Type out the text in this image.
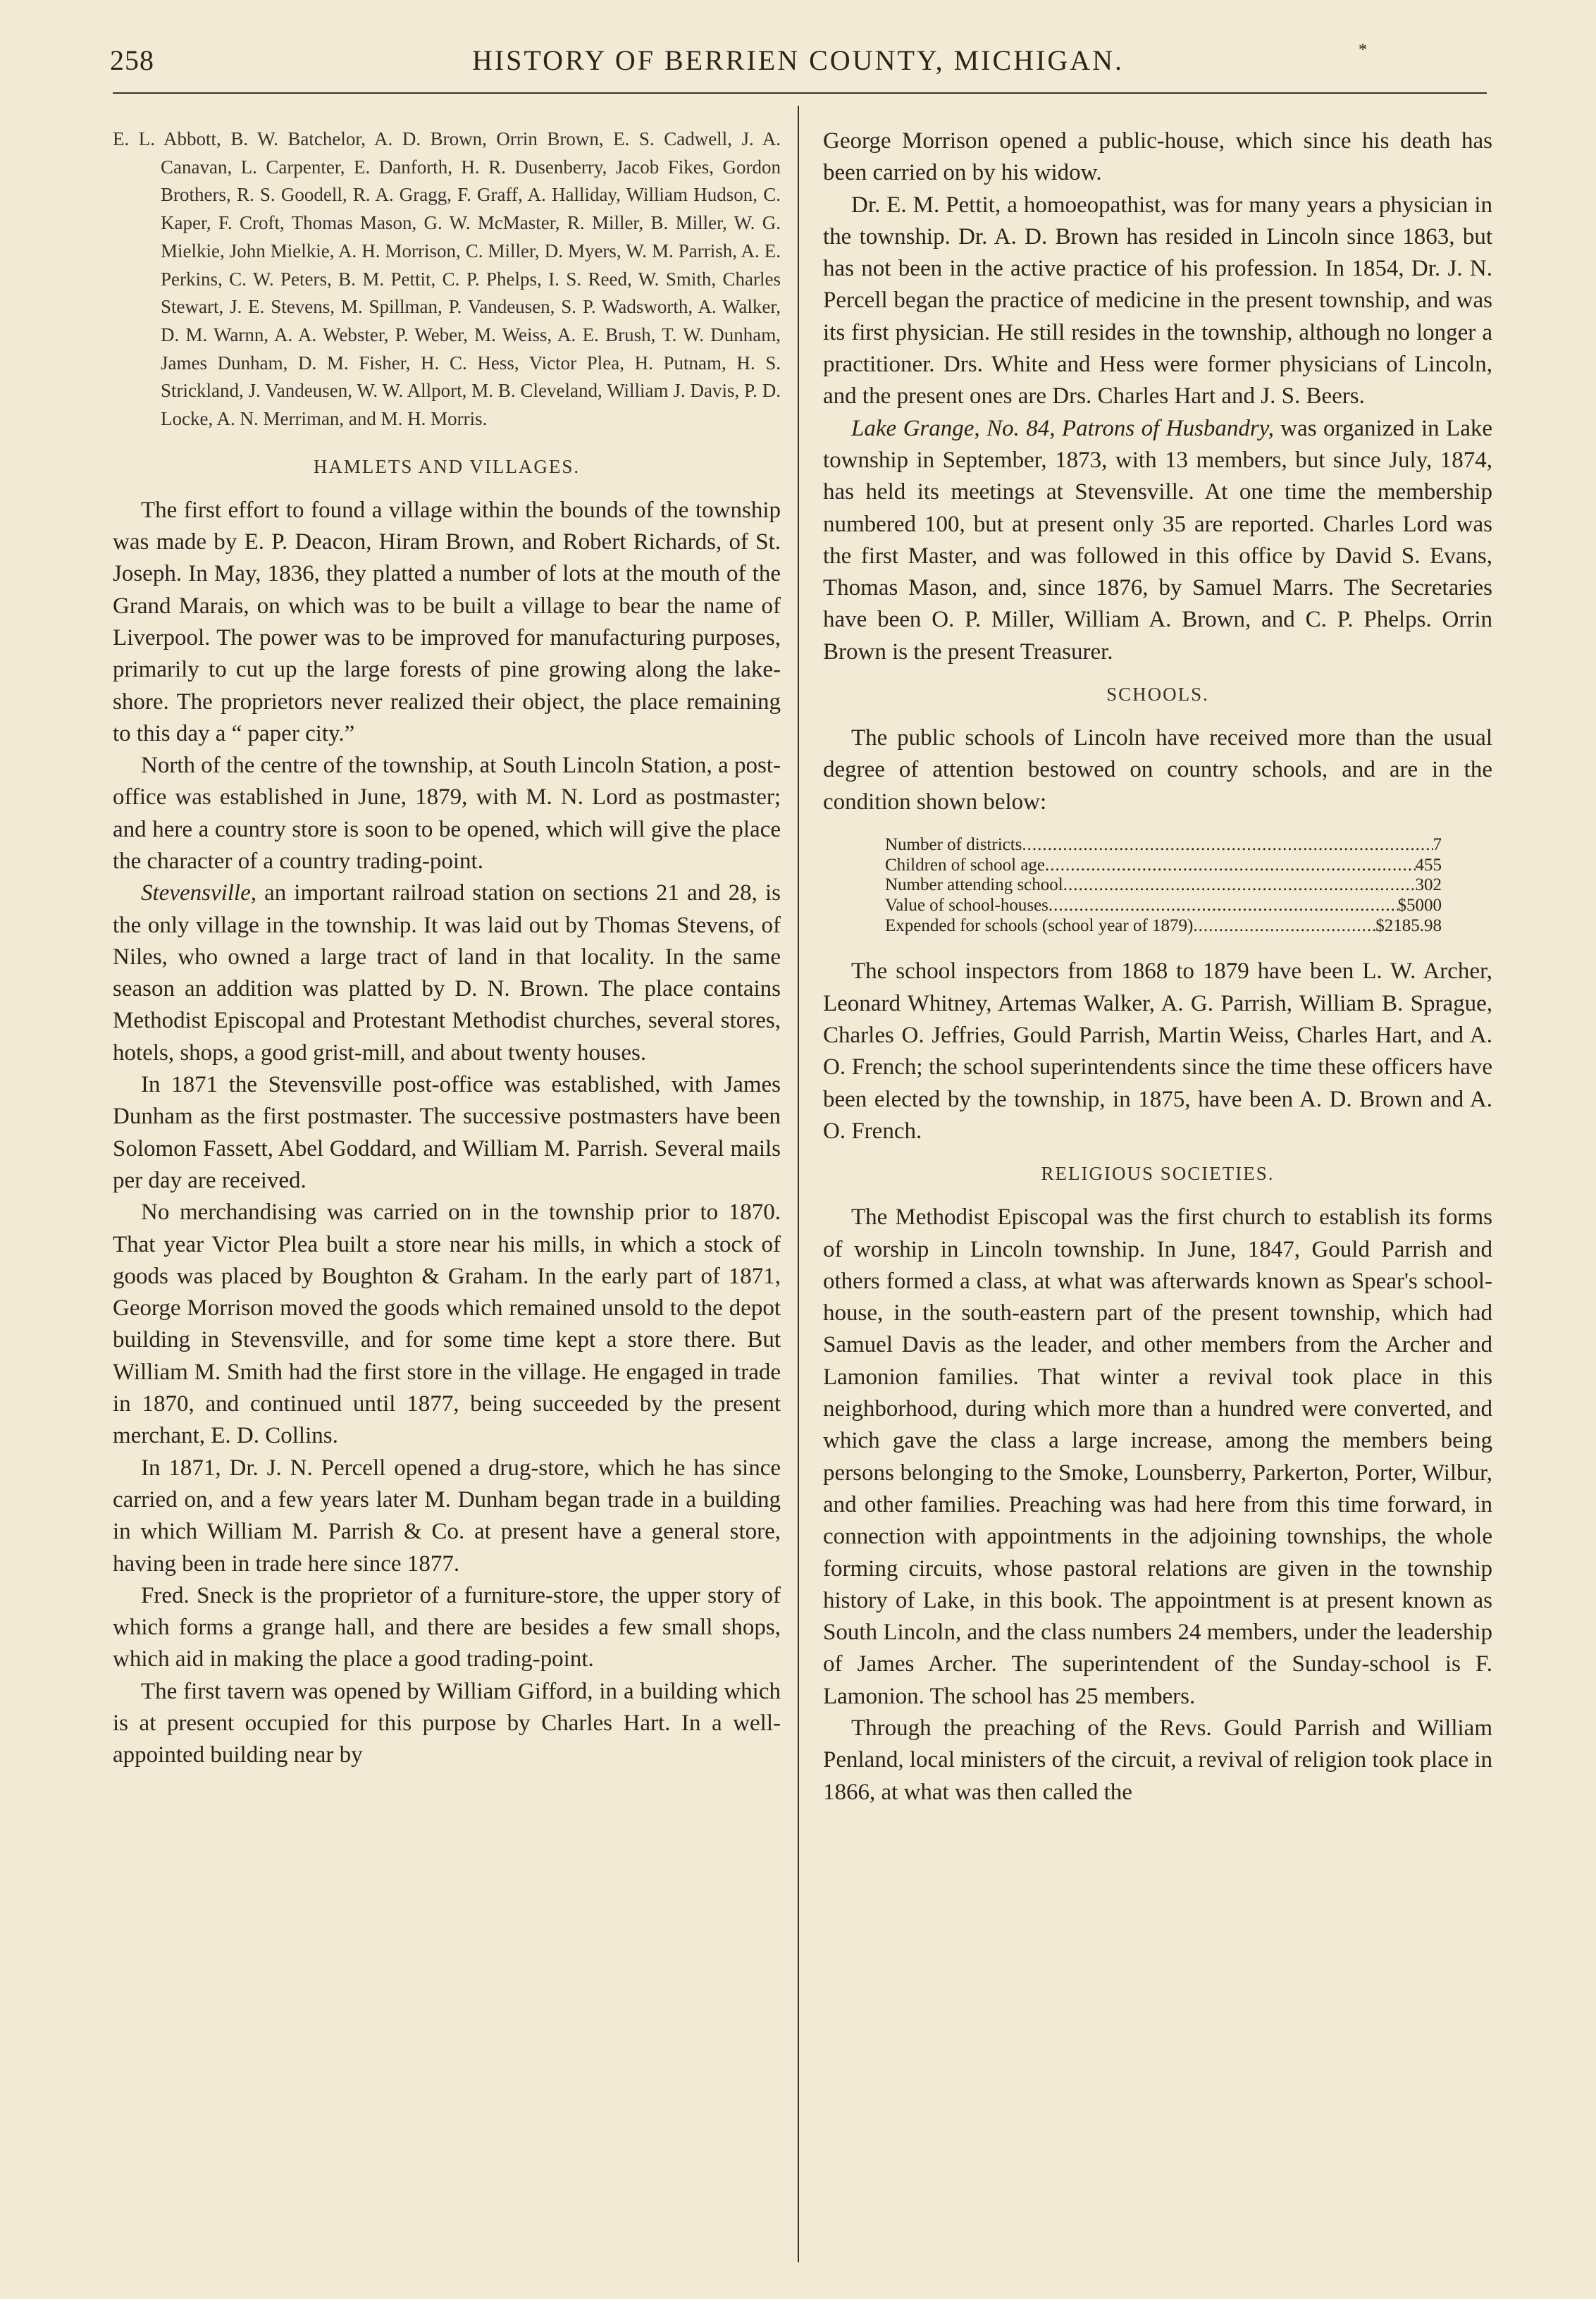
258	HISTORY OF BERRIEN COUNTY, MICHIGAN.	*

E. L. Abbott, B. W. Batchelor, A. D. Brown, Orrin Brown, E. S. Cadwell, J. A. Canavan, L. Carpenter, E. Danforth, H. R. Dusenberry, Jacob Fikes, Gordon Brothers, R. S. Goodell, R. A. Gragg, F. Graff, A. Halliday, William Hudson, C. Kaper, F. Croft, Thomas Mason, G. W. McMaster, R. Miller, B. Miller, W. G. Mielkie, John Mielkie, A. H. Morrison, C. Miller, D. Myers, W. M. Parrish, A. E. Perkins, C. W. Peters, B. M. Pettit, C. P. Phelps, I. S. Reed, W. Smith, Charles Stewart, J. E. Stevens, M. Spillman, P. Vandeusen, S. P. Wadsworth, A. Walker, D. M. Warnn, A. A. Webster, P. Weber, M. Weiss, A. E. Brush, T. W. Dunham, James Dunham, D. M. Fisher, H. C. Hess, Victor Plea, H. Putnam, H. S. Strickland, J. Vandeusen, W. W. Allport, M. B. Cleveland, William J. Davis, P. D. Locke, A. N. Merriman, and M. H. Morris.

HAMLETS AND VILLAGES.

The first effort to found a village within the bounds of the township was made by E. P. Deacon, Hiram Brown, and Robert Richards, of St. Joseph. In May, 1836, they platted a number of lots at the mouth of the Grand Marais, on which was to be built a village to bear the name of Liverpool. The power was to be improved for manufacturing purposes, primarily to cut up the large forests of pine growing along the lake-shore. The proprietors never realized their object, the place remaining to this day a “ paper city.”

North of the centre of the township, at South Lincoln Station, a post-office was established in June, 1879, with M. N. Lord as postmaster; and here a country store is soon to be opened, which will give the place the character of a country trading-point.

Stevensville, an important railroad station on sections 21 and 28, is the only village in the township. It was laid out by Thomas Stevens, of Niles, who owned a large tract of land in that locality. In the same season an addition was platted by D. N. Brown. The place contains Methodist Episcopal and Protestant Methodist churches, several stores, hotels, shops, a good grist-mill, and about twenty houses.

In 1871 the Stevensville post-office was established, with James Dunham as the first postmaster. The successive postmasters have been Solomon Fassett, Abel Goddard, and William M. Parrish. Several mails per day are received.

No merchandising was carried on in the township prior to 1870. That year Victor Plea built a store near his mills, in which a stock of goods was placed by Boughton & Graham. In the early part of 1871, George Morrison moved the goods which remained unsold to the depot building in Stevensville, and for some time kept a store there. But William M. Smith had the first store in the village. He engaged in trade in 1870, and continued until 1877, being succeeded by the present merchant, E. D. Collins.

In 1871, Dr. J. N. Percell opened a drug-store, which he has since carried on, and a few years later M. Dunham began trade in a building in which William M. Parrish & Co. at present have a general store, having been in trade here since 1877.

Fred. Sneck is the proprietor of a furniture-store, the upper story of which forms a grange hall, and there are besides a few small shops, which aid in making the place a good trading-point.

The first tavern was opened by William Gifford, in a building which is at present occupied for this purpose by Charles Hart. In a well-appointed building near by

George Morrison opened a public-house, which since his death has been carried on by his widow.

Dr. E. M. Pettit, a homoeopathist, was for many years a physician in the township. Dr. A. D. Brown has resided in Lincoln since 1863, but has not been in the active practice of his profession. In 1854, Dr. J. N. Percell began the practice of medicine in the present township, and was its first physician. He still resides in the township, although no longer a practitioner. Drs. White and Hess were former physicians of Lincoln, and the present ones are Drs. Charles Hart and J. S. Beers.

Lake Grange, No. 84, Patrons of Husbandry, was organized in Lake township in September, 1873, with 13 members, but since July, 1874, has held its meetings at Stevensville. At one time the membership numbered 100, but at present only 35 are reported. Charles Lord was the first Master, and was followed in this office by David S. Evans, Thomas Mason, and, since 1876, by Samuel Marrs. The Secretaries have been O. P. Miller, William A. Brown, and C. P. Phelps. Orrin Brown is the present Treasurer.

SCHOOLS.

The public schools of Lincoln have received more than the usual degree of attention bestowed on country schools, and are in the condition shown below:

Number of districts .....	7
Children of school age .....	455
Number attending school .....	302
Value of school-houses .....	$5000
Expended for schools (school year of 1879) .....	$2185.98

The school inspectors from 1868 to 1879 have been L. W. Archer, Leonard Whitney, Artemas Walker, A. G. Parrish, William B. Sprague, Charles O. Jeffries, Gould Parrish, Martin Weiss, Charles Hart, and A. O. French; the school superintendents since the time these officers have been elected by the township, in 1875, have been A. D. Brown and A. O. French.

RELIGIOUS SOCIETIES.

The Methodist Episcopal was the first church to establish its forms of worship in Lincoln township. In June, 1847, Gould Parrish and others formed a class, at what was afterwards known as Spear's school-house, in the south-eastern part of the present township, which had Samuel Davis as the leader, and other members from the Archer and Lamonion families. That winter a revival took place in this neighborhood, during which more than a hundred were converted, and which gave the class a large increase, among the members being persons belonging to the Smoke, Lounsberry, Parkerton, Porter, Wilbur, and other families. Preaching was had here from this time forward, in connection with appointments in the adjoining townships, the whole forming circuits, whose pastoral relations are given in the township history of Lake, in this book. The appointment is at present known as South Lincoln, and the class numbers 24 members, under the leadership of James Archer. The superintendent of the Sunday-school is F. Lamonion. The school has 25 members.

Through the preaching of the Revs. Gould Parrish and William Penland, local ministers of the circuit, a revival of religion took place in 1866, at what was then called the
